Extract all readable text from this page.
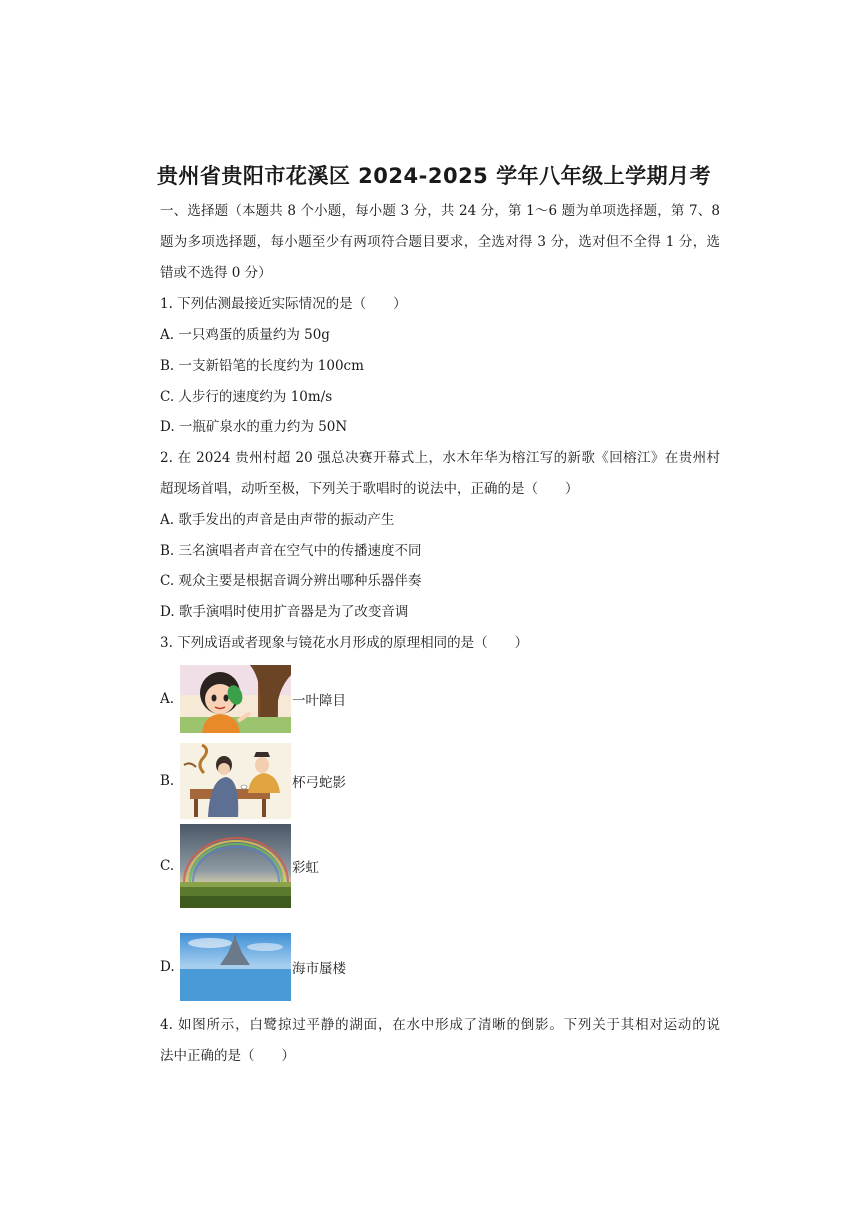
贵州省贵阳市花溪区 2024-2025 学年八年级上学期月考
一、选择题（本题共 8 个小题，每小题 3 分，共 24 分，第 1～6 题为单项选择题，第 7、8
题为多项选择题，每小题至少有两项符合题目要求，全选对得 3 分，选对但不全得 1 分，选
错或不选得 0 分）
1. 下列估测最接近实际情况的是（　　）
A. 一只鸡蛋的质量约为 50g
B. 一支新铅笔的长度约为 100cm
C. 人步行的速度约为 10m/s
D. 一瓶矿泉水的重力约为 50N
2. 在 2024 贵州村超 20 强总决赛开幕式上，水木年华为榕江写的新歌《回榕江》在贵州村
超现场首唱，动听至极，下列关于歌唱时的说法中，正确的是（　　）
A. 歌手发出的声音是由声带的振动产生
B. 三名演唱者声音在空气中的传播速度不同
C. 观众主要是根据音调分辨出哪种乐器伴奏
D. 歌手演唱时使用扩音器是为了改变音调
3. 下列成语或者现象与镜花水月形成的原理相同的是（　　）
A.	一叶障目
B.	杯弓蛇影
C.	彩虹
D.	海市蜃楼
4. 如图所示，白鹭掠过平静的湖面，在水中形成了清晰的倒影。下列关于其相对运动的说
法中正确的是（　　）
